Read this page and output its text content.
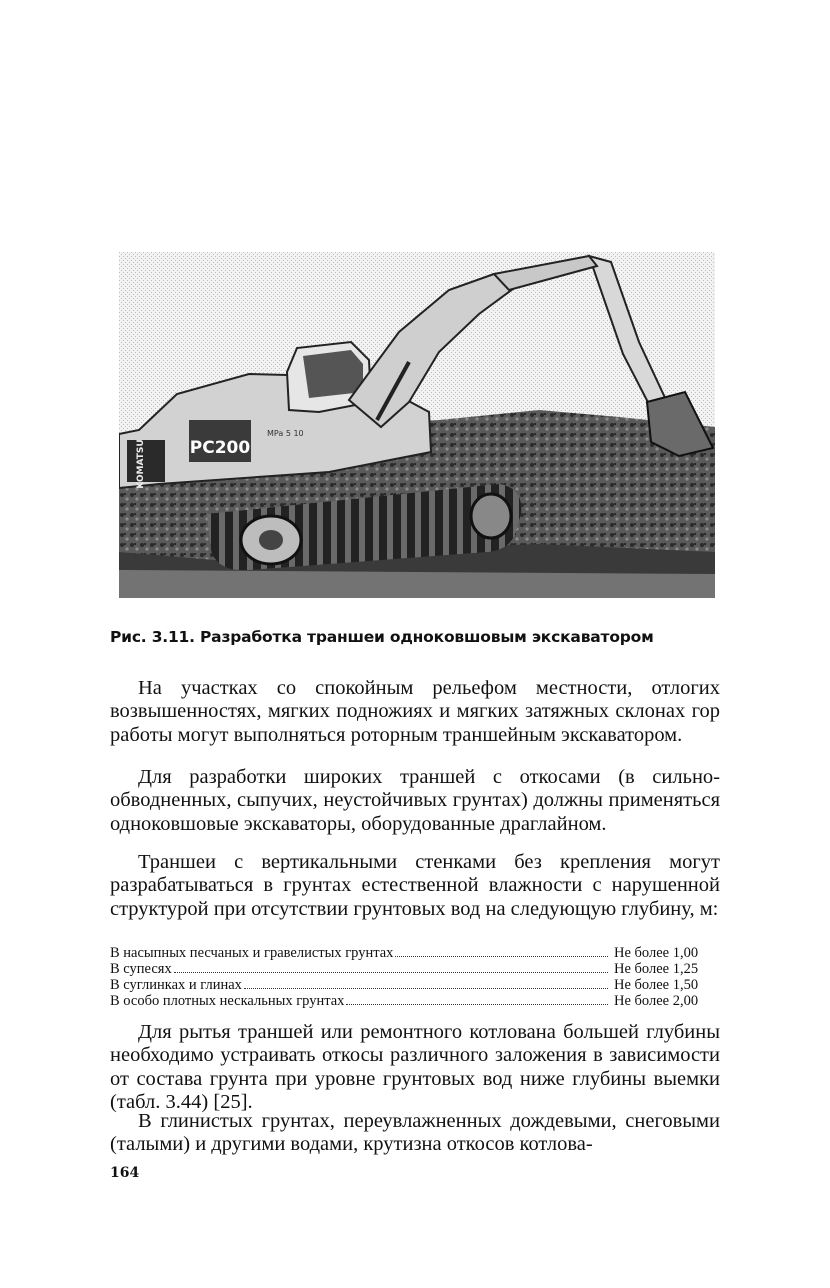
KOMATSU	PC200
MPa 5 10
Рис. 3.11. Разработка траншеи одноковшовым экскаватором

На участках со спокойным рельефом местности, отлогих возвышенностях, мягких подножиях и мягких затяжных склонах гор работы могут выполняться роторным траншейным экскаватором.

Для разработки широких траншей с откосами (в сильно-обводненных, сыпучих, неустойчивых грунтах) должны применяться одноковшовые экскаваторы, оборудованные драглайном.

Траншеи с вертикальными стенками без крепления могут разрабатываться в грунтах естественной влажности с нарушенной структурой при отсутствии грунтовых вод на следующую глубину, м:

В насыпных песчаных и гравелистых грунтах	Не более 1,00
В супесях	Не более 1,25
В суглинках и глинах	Не более 1,50
В особо плотных нескальных грунтах	Не более 2,00

Для рытья траншей или ремонтного котлована большей глубины необходимо устраивать откосы различного заложения в зависимости от состава грунта при уровне грунтовых вод ниже глубины выемки (табл. 3.44) [25].

В глинистых грунтах, переувлажненных дождевыми, снеговыми (талыми) и другими водами, крутизна откосов котлова-

164
